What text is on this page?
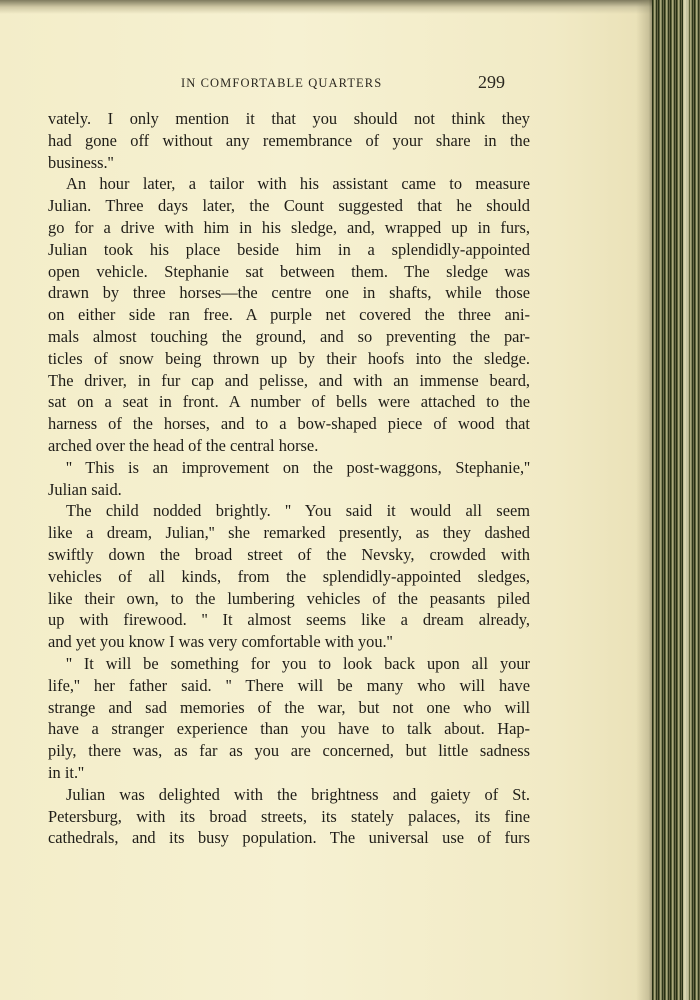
IN COMFORTABLE QUARTERS	299
vately. I only mention it that you should not think they
had gone off without any remembrance of your share in the
business.''
An hour later, a tailor with his assistant came to measure
Julian. Three days later, the Count suggested that he should
go for a drive with him in his sledge, and, wrapped up in furs,
Julian took his place beside him in a splendidly-appointed
open vehicle. Stephanie sat between them. The sledge was
drawn by three horses—the centre one in shafts, while those
on either side ran free. A purple net covered the three ani-
mals almost touching the ground, and so preventing the par-
ticles of snow being thrown up by their hoofs into the sledge.
The driver, in fur cap and pelisse, and with an immense beard,
sat on a seat in front. A number of bells were attached to the
harness of the horses, and to a bow-shaped piece of wood that
arched over the head of the central horse.
'' This is an improvement on the post-waggons, Stephanie,''
Julian said.
The child nodded brightly. '' You said it would all seem
like a dream, Julian,'' she remarked presently, as they dashed
swiftly down the broad street of the Nevsky, crowded with
vehicles of all kinds, from the splendidly-appointed sledges,
like their own, to the lumbering vehicles of the peasants piled
up with firewood. '' It almost seems like a dream already,
and yet you know I was very comfortable with you.''
'' It will be something for you to look back upon all your
life,'' her father said. '' There will be many who will have
strange and sad memories of the war, but not one who will
have a stranger experience than you have to talk about. Hap-
pily, there was, as far as you are concerned, but little sadness
in it.''
Julian was delighted with the brightness and gaiety of St.
Petersburg, with its broad streets, its stately palaces, its fine
cathedrals, and its busy population. The universal use of furs
